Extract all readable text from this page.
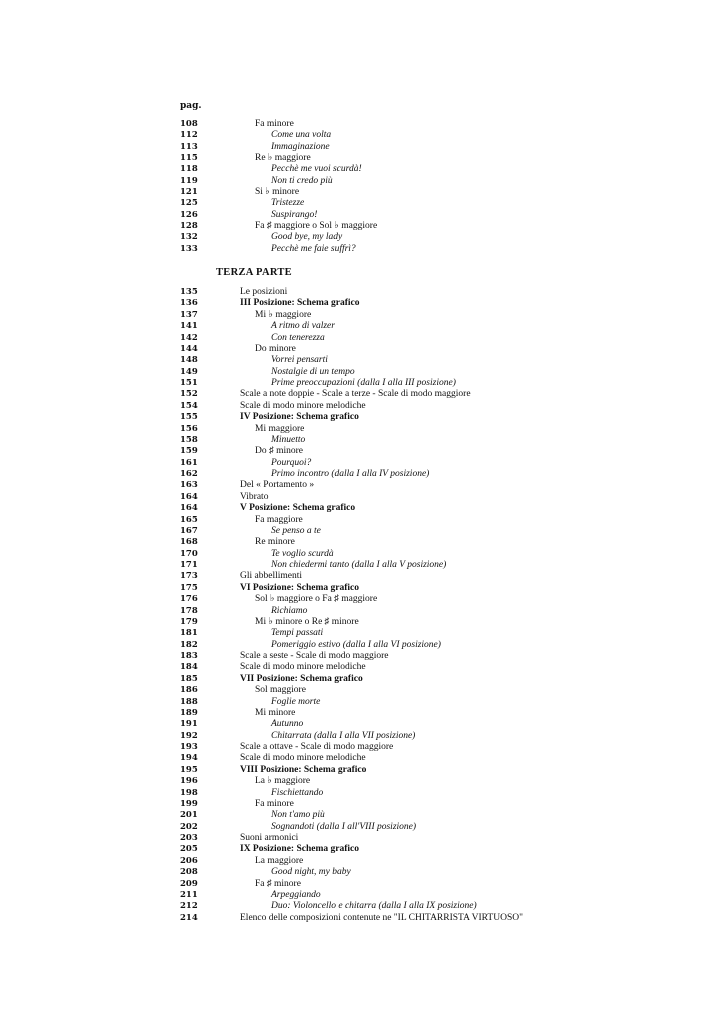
pag.
108	Fa minore
112	Come una volta
113	Immaginazione
115	Re ♭ maggiore
118	Pecchè me vuoi scurdà!
119	Non ti credo più
121	Si ♭ minore
125	Tristezze
126	Suspirango!
128	Fa ♯ maggiore o Sol ♭ maggiore
132	Good bye, my lady
133	Pecchè me faie suffrì?
TERZA PARTE
135	Le posizioni
136	III Posizione: Schema grafico
137	Mi ♭ maggiore
141	A ritmo di valzer
142	Con tenerezza
144	Do minore
148	Vorrei pensarti
149	Nostalgie di un tempo
151	Prime preoccupazioni (dalla I alla III posizione)
152	Scale a note doppie - Scale a terze - Scale di modo maggiore
154	Scale di modo minore melodiche
155	IV Posizione: Schema grafico
156	Mi maggiore
158	Minuetto
159	Do ♯ minore
161	Pourquoi?
162	Primo incontro (dalla I alla IV posizione)
163	Del « Portamento »
164	Vibrato
164	V Posizione: Schema grafico
165	Fa maggiore
167	Se penso a te
168	Re minore
170	Te voglio scurdà
171	Non chiedermi tanto (dalla I alla V posizione)
173	Gli abbellimenti
175	VI Posizione: Schema grafico
176	Sol ♭ maggiore o Fa ♯ maggiore
178	Richiamo
179	Mi ♭ minore o Re ♯ minore
181	Tempi passati
182	Pomeriggio estivo (dalla I alla VI posizione)
183	Scale a seste - Scale di modo maggiore
184	Scale di modo minore melodiche
185	VII Posizione: Schema grafico
186	Sol maggiore
188	Foglie morte
189	Mi minore
191	Autunno
192	Chitarrata (dalla I alla VII posizione)
193	Scale a ottave - Scale di modo maggiore
194	Scale di modo minore melodiche
195	VIII Posizione: Schema grafico
196	La ♭ maggiore
198	Fischiettando
199	Fa minore
201	Non t'amo più
202	Sognandoti (dalla I all'VIII posizione)
203	Suoni armonici
205	IX Posizione: Schema grafico
206	La maggiore
208	Good night, my baby
209	Fa ♯ minore
211	Arpeggiando
212	Duo: Violoncello e chitarra (dalla I alla IX posizione)
214	Elenco delle composizioni contenute ne "IL CHITARRISTA VIRTUOSO"
